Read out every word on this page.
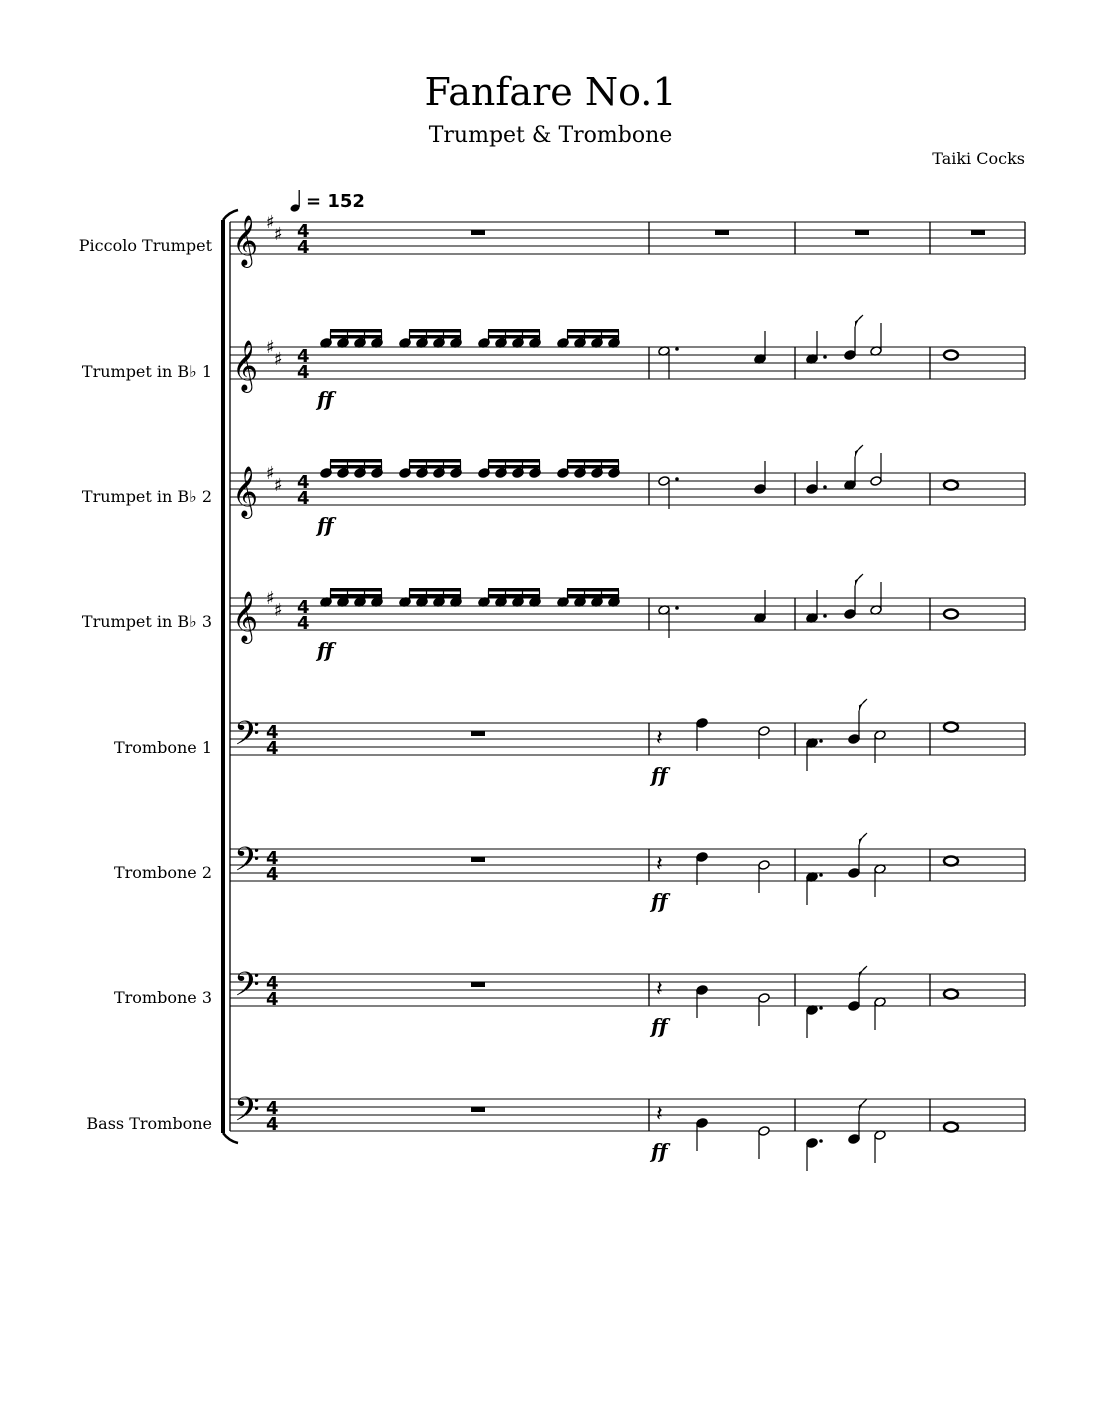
Fanfare No.1
Trumpet & Trombone
Taiki Cocks
= 152
Piccolo Trumpet
Trumpet in B♭ 1
Trumpet in B♭ 2
Trumpet in B♭ 3
Trombone 1
Trombone 2
Trombone 3
Bass Trombone
𝄞 ♯
♯ 4
4
𝄞 ♯
♯ 4
4
𝄞 ♯
♯ 4
4
𝄞 ♯
♯ 4
4
𝄢 4
4
𝄢 4
4
𝄢 4
4
𝄢 4
4
ff
ff
ff
𝄽
ff
𝄽
ff
𝄽
ff
𝄽
ff
